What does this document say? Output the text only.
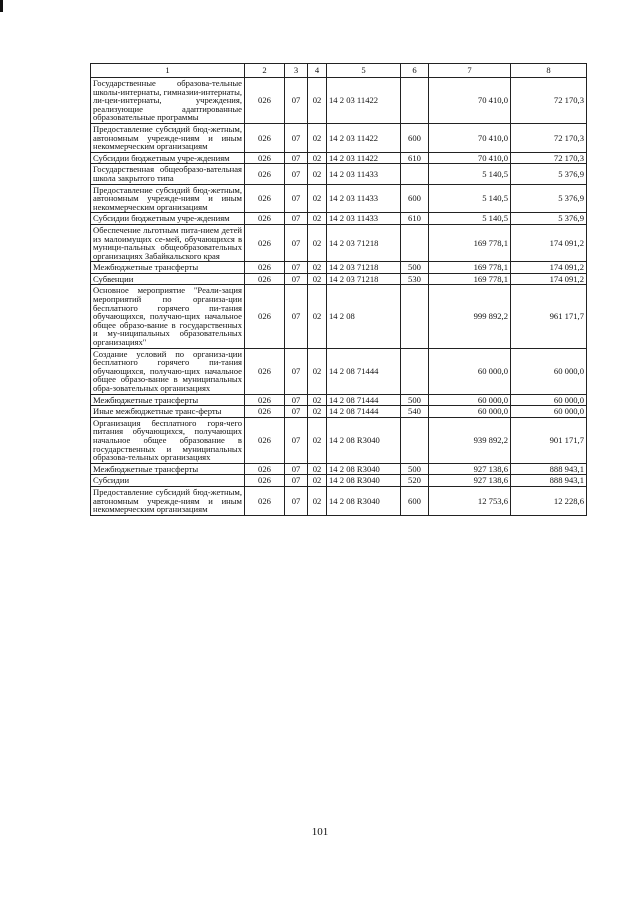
1	2	3	4	5	6	7	8
Государственные образова-тельные школы-интернаты, гимназии-интернаты, ли-цеи-интернаты, учреждения, реализующие адаптированные образовательные программы	026	07	02	14 2 03 11422		70 410,0	72 170,3
Предоставление субсидий бюд-жетным, автономным учрежде-ниям и иным некоммерческим организациям	026	07	02	14 2 03 11422	600	70 410,0	72 170,3
Субсидии бюджетным учре-ждениям	026	07	02	14 2 03 11422	610	70 410,0	72 170,3
Государственная общеобразо-вательная школа закрытого типа	026	07	02	14 2 03 11433		5 140,5	5 376,9
Предоставление субсидий бюд-жетным, автономным учрежде-ниям и иным некоммерческим организациям	026	07	02	14 2 03 11433	600	5 140,5	5 376,9
Субсидии бюджетным учре-ждениям	026	07	02	14 2 03 11433	610	5 140,5	5 376,9
Обеспечение льготным пита-нием детей из малоимущих се-мей, обучающихся в муници-пальных общеобразовательных организациях Забайкальского края	026	07	02	14 2 03 71218		169 778,1	174 091,2
Межбюджетные трансферты	026	07	02	14 2 03 71218	500	169 778,1	174 091,2
Субвенции	026	07	02	14 2 03 71218	530	169 778,1	174 091,2
Основное мероприятие "Реали-зация мероприятий по организа-ции бесплатного горячего пи-тания обучающихся, получаю-щих начальное общее образо-вание в государственных и му-ниципальных образовательных организациях"	026	07	02	14 2 08		999 892,2	961 171,7
Создание условий по организа-ции бесплатного горячего пи-тания обучающихся, получаю-щих начальное общее образо-вание в муниципальных обра-зовательных организациях	026	07	02	14 2 08 71444		60 000,0	60 000,0
Межбюджетные трансферты	026	07	02	14 2 08 71444	500	60 000,0	60 000,0
Иные межбюджетные транс-ферты	026	07	02	14 2 08 71444	540	60 000,0	60 000,0
Организация бесплатного горя-чего питания обучающихся, получающих начальное общее образование в государственных и муниципальных образова-тельных организациях	026	07	02	14 2 08 R3040		939 892,2	901 171,7
Межбюджетные трансферты	026	07	02	14 2 08 R3040	500	927 138,6	888 943,1
Субсидии	026	07	02	14 2 08 R3040	520	927 138,6	888 943,1
Предоставление субсидий бюд-жетным, автономным учрежде-ниям и иным некоммерческим организациям	026	07	02	14 2 08 R3040	600	12 753,6	12 228,6
101
